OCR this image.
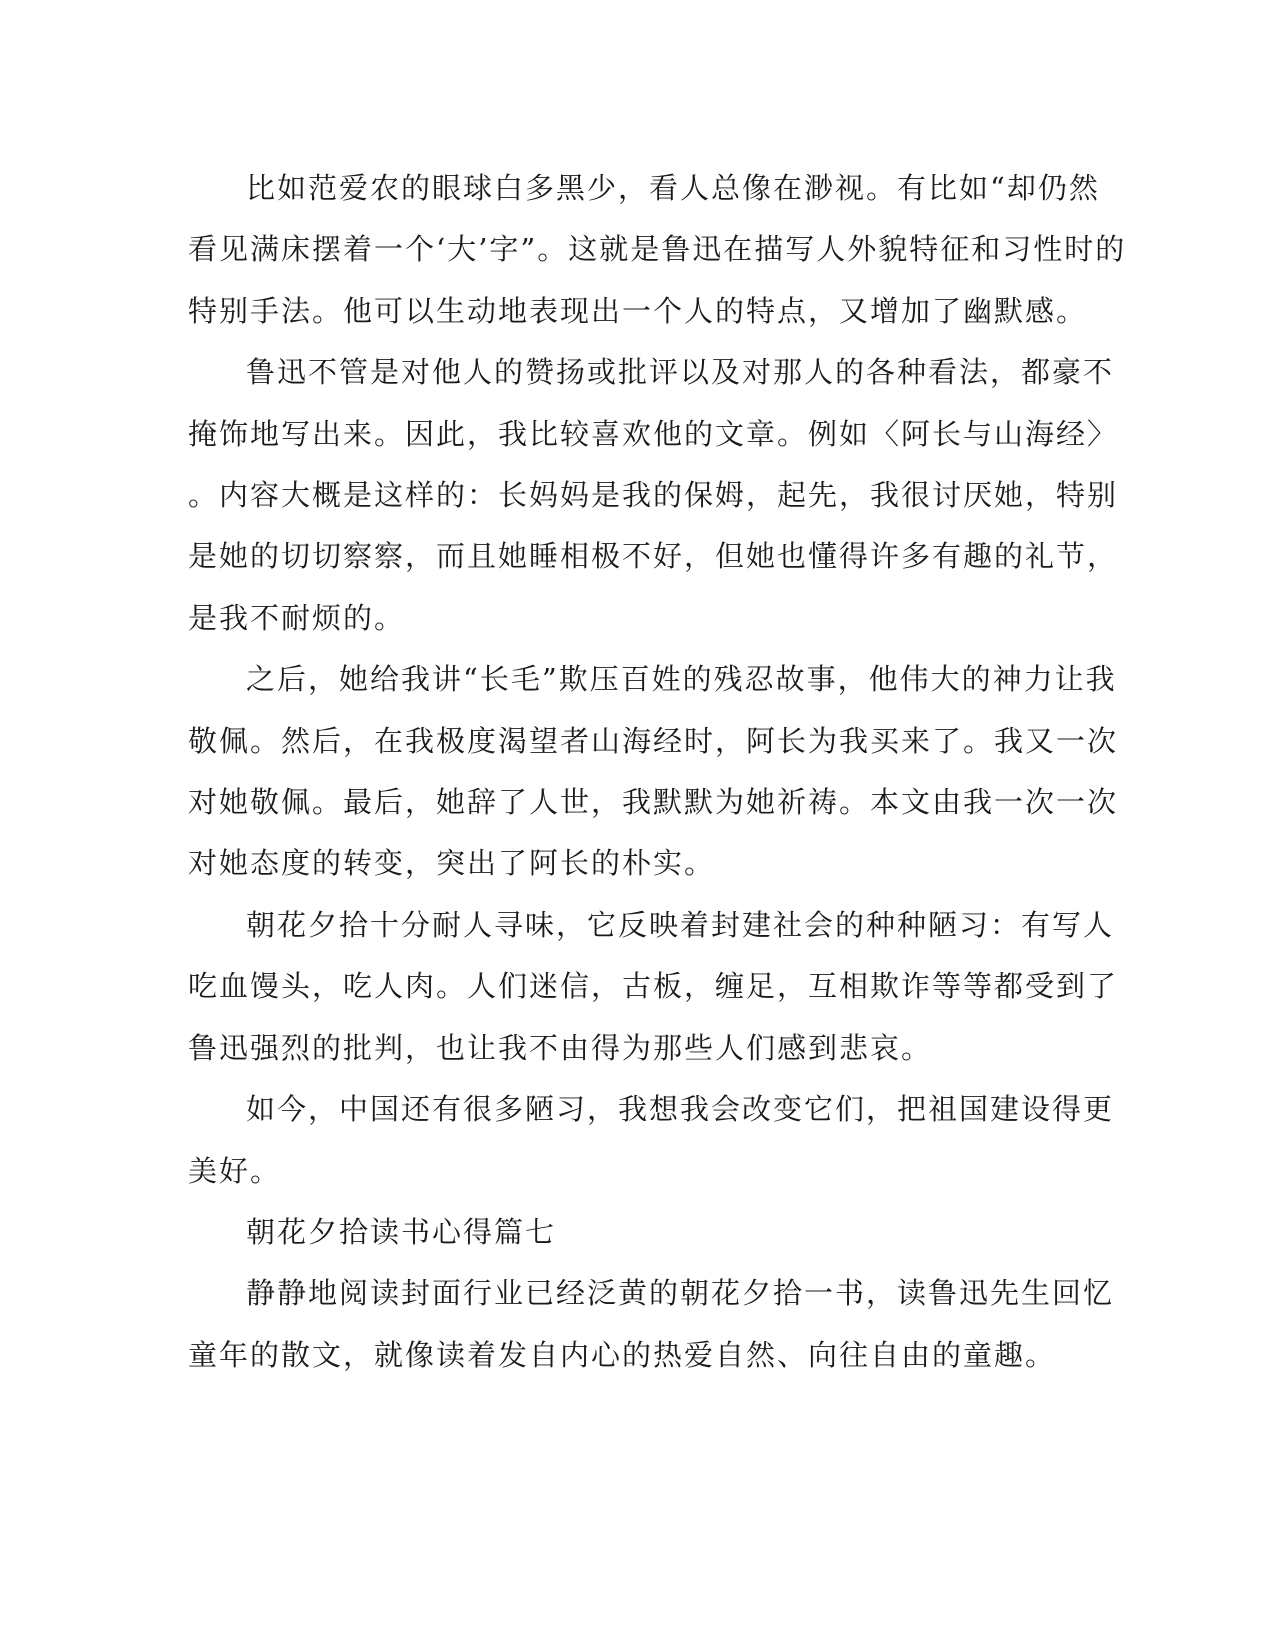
比如范爱农的眼球白多黑少，看人总像在渺视。有比如“却仍然
看见满床摆着一个‘大’字”。这就是鲁迅在描写人外貌特征和习性时的
特别手法。他可以生动地表现出一个人的特点，又增加了幽默感。

鲁迅不管是对他人的赞扬或批评以及对那人的各种看法，都豪不
掩饰地写出来。因此，我比较喜欢他的文章。例如〈阿长与山海经〉
。内容大概是这样的：长妈妈是我的保姆，起先，我很讨厌她，特别
是她的切切察察，而且她睡相极不好，但她也懂得许多有趣的礼节，
是我不耐烦的。

之后，她给我讲“长毛”欺压百姓的残忍故事，他伟大的神力让我
敬佩。然后，在我极度渴望者山海经时，阿长为我买来了。我又一次
对她敬佩。最后，她辞了人世，我默默为她祈祷。本文由我一次一次
对她态度的转变，突出了阿长的朴实。

朝花夕拾十分耐人寻味，它反映着封建社会的种种陋习：有写人
吃血馒头，吃人肉。人们迷信，古板，缠足，互相欺诈等等都受到了
鲁迅强烈的批判，也让我不由得为那些人们感到悲哀。

如今，中国还有很多陋习，我想我会改变它们，把祖国建设得更
美好。

朝花夕拾读书心得篇七

静静地阅读封面行业已经泛黄的朝花夕拾一书，读鲁迅先生回忆
童年的散文，就像读着发自内心的热爱自然、向往自由的童趣。
